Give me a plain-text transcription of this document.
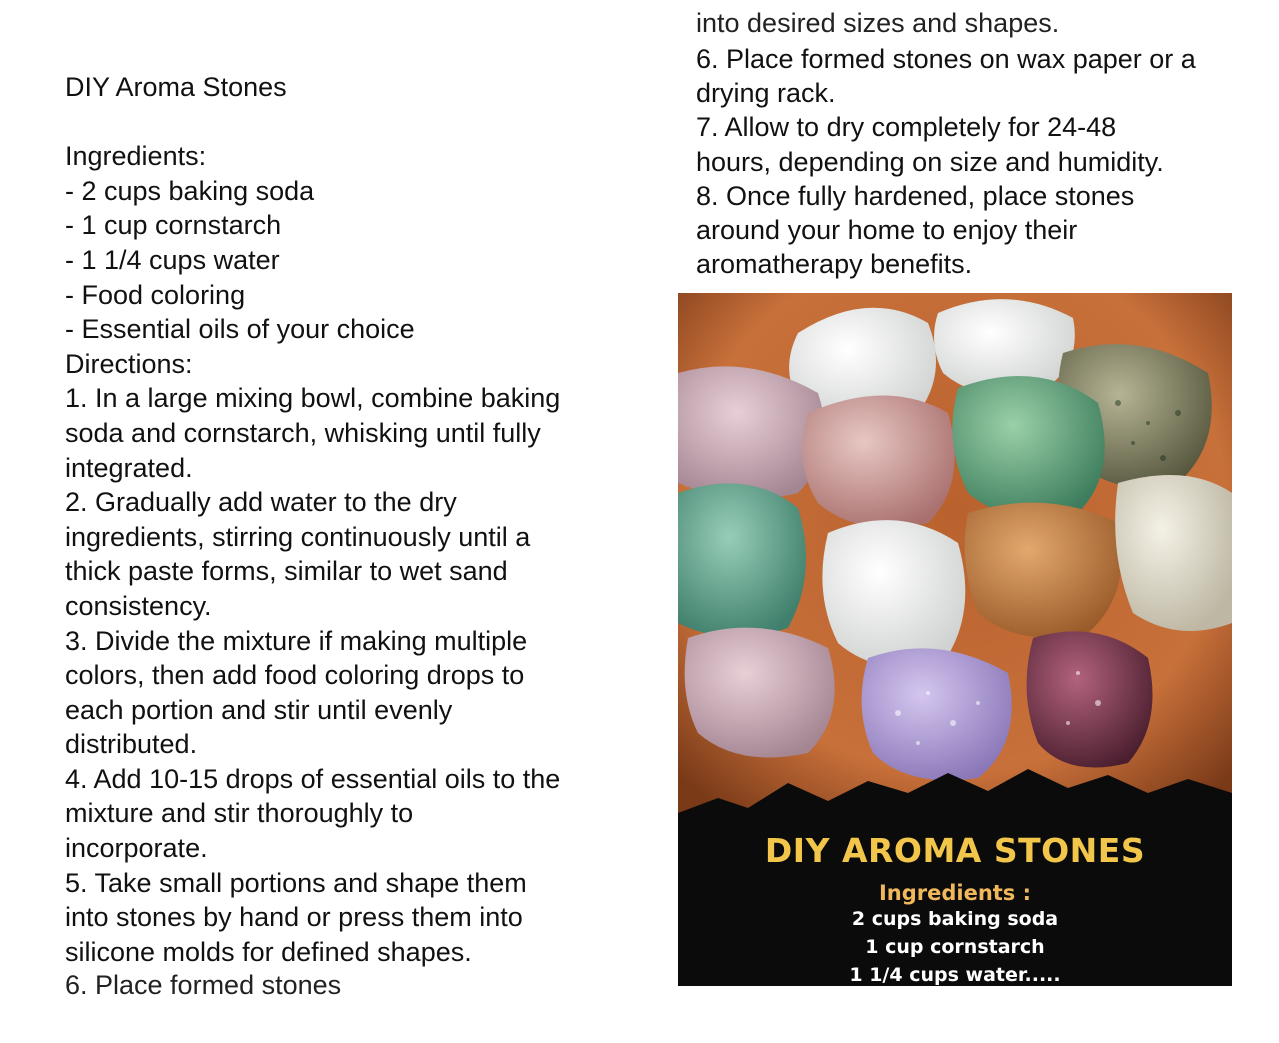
DIY Aroma Stones

Ingredients:
- 2 cups baking soda
- 1 cup cornstarch
- 1 1/4 cups water
- Food coloring
- Essential oils of your choice
Directions:
1. In a large mixing bowl, combine baking
soda and cornstarch, whisking until fully
integrated.
2. Gradually add water to the dry
ingredients, stirring continuously until a
thick paste forms, similar to wet sand
consistency.
3. Divide the mixture if making multiple
colors, then add food coloring drops to
each portion and stir until evenly
distributed.
4. Add 10-15 drops of essential oils to the
mixture and stir thoroughly to
incorporate.
5. Take small portions and shape them
into stones by hand or press them into
silicone molds for defined shapes.
6. Place formed stones
into desired sizes and shapes.
6. Place formed stones on wax paper or a
drying rack.
7. Allow to dry completely for 24-48
hours, depending on size and humidity.
8. Once fully hardened, place stones
around your home to enjoy their
aromatherapy benefits.
DIY AROMA STONES
Ingredients :
2 cups baking soda
1 cup cornstarch
1 1/4 cups water.....
